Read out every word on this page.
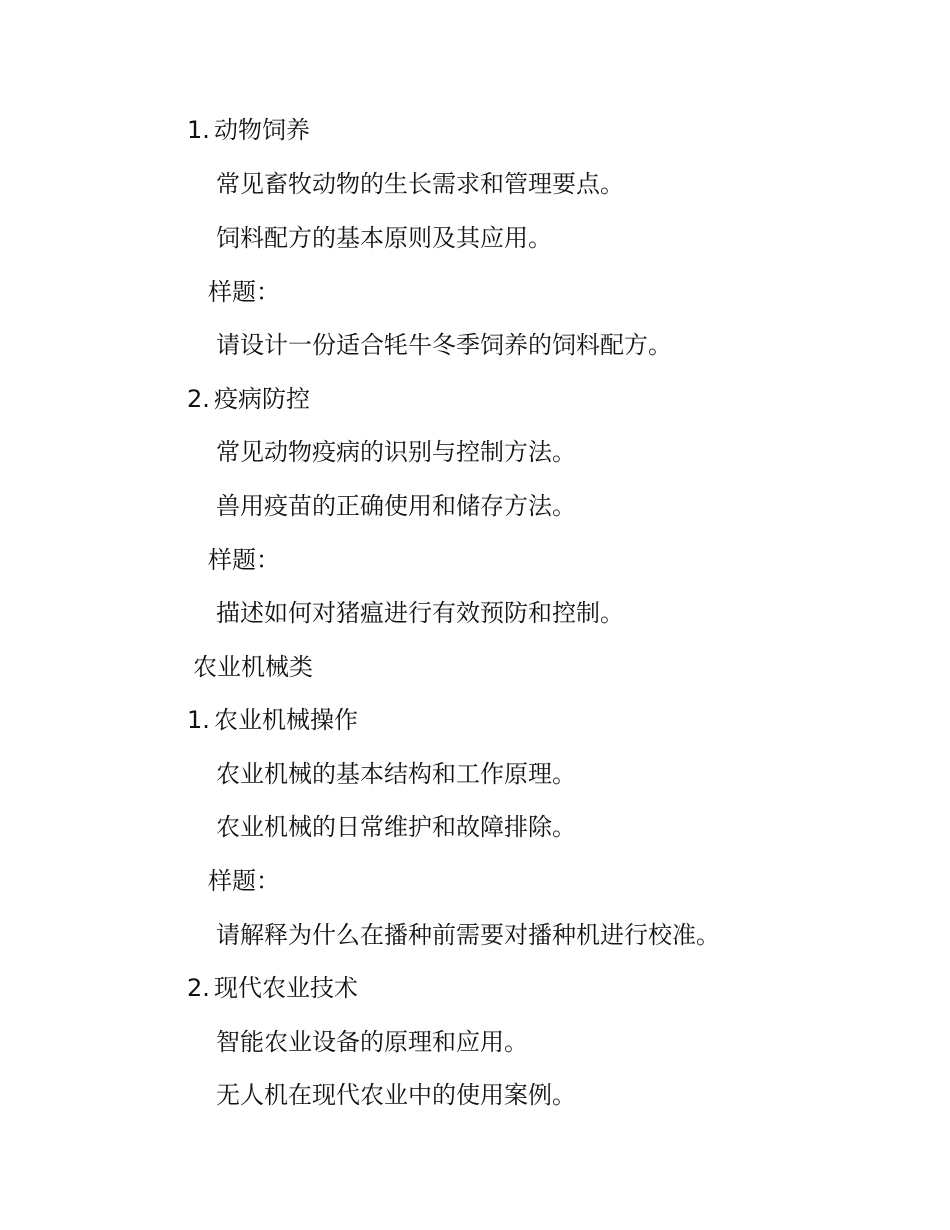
1. 动物饲养
常见畜牧动物的生长需求和管理要点。
饲料配方的基本原则及其应用。
样题：
请设计一份适合牦牛冬季饲养的饲料配方。
2. 疫病防控
常见动物疫病的识别与控制方法。
兽用疫苗的正确使用和储存方法。
样题：
描述如何对猪瘟进行有效预防和控制。
农业机械类
1. 农业机械操作
农业机械的基本结构和工作原理。
农业机械的日常维护和故障排除。
样题：
请解释为什么在播种前需要对播种机进行校准。
2. 现代农业技术
智能农业设备的原理和应用。
无人机在现代农业中的使用案例。
